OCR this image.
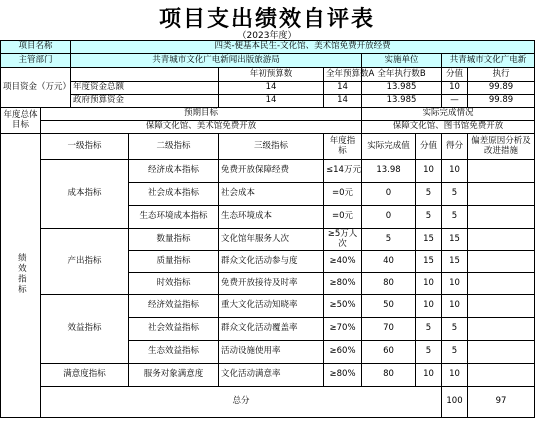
项目支出绩效自评表
（2023年度）
项目名称		四类-便基本民生-文化馆、美术馆免费开放经费								
主管部门		共青城市文化广电新闻出版旅游局				实施单位		共青城市文化广电新		
项目资金（万元）				年初预算数	全年预算数A	全年执行数B		分值	执行	
		年度资金总额		14	14	13.985		10	99.89	
		政府预算资金		14	14	13.985		—	99.89	
年度总体目标	预期目标					实际完成情况				
	保障文化馆、美术馆免费开放					保障文化馆、图书馆免费开放				
绩效指标	一级指标		二级指标	三级指标	年度指标	实际完成值	分值	得分	偏差原因分析及改进措施	
	成本指标		经济成本指标	免费开放保障经费	≤14万元	13.98	10	10		
			社会成本指标	社会成本	=0元	0	5	5		
			生态环境成本指标	生态环境成本	=0元	0	5	5		
	产出指标		数量指标	文化馆年服务人次	≥5万人次	5	15	15		
			质量指标	群众文化活动参与度	≥40%	40	15	15		
			时效指标	免费开放接待及时率	≥80%	80	10	10		
	效益指标		经济效益指标	重大文化活动知晓率	≥50%	50	10	10		
			社会效益指标	群众文化活动覆盖率	≥70%	70	5	5		
			生态效益指标	活动设施使用率	≥60%	60	5	5		
	满意度指标		服务对象满意度	文化活动满意率	≥80%	80	10	10		
	总分							100	97	
